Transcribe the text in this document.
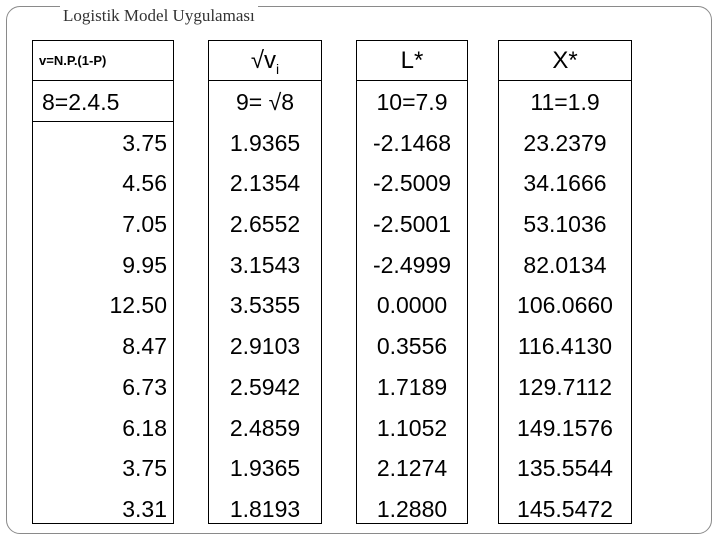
Logistik Model Uygulaması
v=N.P.(1-P)
8=2.4.5
3.75
4.56
7.05
9.95
12.50
8.47
6.73
6.18
3.75
3.31
$√v_i$
9= √8
1.9365
2.1354
2.6552
3.1543
3.5355
2.9103
2.5942
2.4859
1.9365
1.8193
L*
10=7.9
-2.1468
-2.5009
-2.5001
-2.4999
0.0000
0.3556
1.7189
1.1052
2.1274
1.2880
X*
11=1.9
23.2379
34.1666
53.1036
82.0134
106.0660
116.4130
129.7112
149.1576
135.5544
145.5472
